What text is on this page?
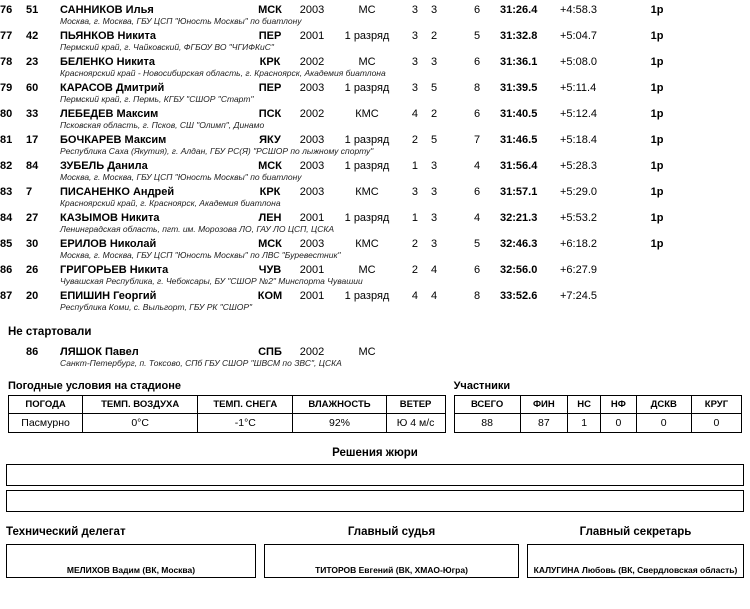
76	51	САННИКОВ Илья	МСК	2003	МС	3 3	6	31:26.4	+4:58.3	1р	
		Москва, г. Москва, ГБУ ЦСП "Юность Москвы" по биатлону									
77	42	ПЬЯНКОВ Никита	ПЕР	2001	1 разряд	3 2	5	31:32.8	+5:04.7	1р	
		Пермский край, г. Чайковский, ФГБОУ ВО "ЧГИФКиС"									
78	23	БЕЛЕНКО Никита	КРК	2002	МС	3 3	6	31:36.1	+5:08.0	1р	
		Красноярский край - Новосибирская область, г. Красноярск, Академия биатлона									
79	60	КАРАСОВ Дмитрий	ПЕР	2003	1 разряд	3 5	8	31:39.5	+5:11.4	1р	
		Пермский край, г. Пермь, КГБУ "СШОР "Старт"									
80	33	ЛЕБЕДЕВ Максим	ПСК	2002	КМС	4 2	6	31:40.5	+5:12.4	1р	
		Псковская область, г. Псков, СШ "Олимп", Динамо									
81	17	БОЧКАРЕВ Максим	ЯКУ	2003	1 разряд	2 5	7	31:46.5	+5:18.4	1р	
		Республика Саха (Якутия), г. Алдан, ГБУ РС(Я) "РСШОР по лыжному спорту"									
82	84	ЗУБЕЛЬ Данила	МСК	2003	1 разряд	1 3	4	31:56.4	+5:28.3	1р	
		Москва, г. Москва, ГБУ ЦСП "Юность Москвы" по биатлону									
83	7	ПИСАНЕНКО Андрей	КРК	2003	КМС	3 3	6	31:57.1	+5:29.0	1р	
		Красноярский край, г. Красноярск, Академия биатлона									
84	27	КАЗЫМОВ Никита	ЛЕН	2001	1 разряд	1 3	4	32:21.3	+5:53.2	1р	
		Ленинградская область, пгт. им. Морозова ЛО, ГАУ ЛО ЦСП, ЦСКА									
85	30	ЕРИЛОВ Николай	МСК	2003	КМС	2 3	5	32:46.3	+6:18.2	1р	
		Москва, г. Москва, ГБУ ЦСП "Юность Москвы" по ЛВС "Буревестник"									
86	26	ГРИГОРЬЕВ Никита	ЧУВ	2001	МС	2 4	6	32:56.0	+6:27.9		
		Чувашская Республика, г. Чебоксары, БУ "СШОР №2" Минспорта Чувашии									
87	20	ЕПИШИН Георгий	КОМ	2001	1 разряд	4 4	8	33:52.6	+7:24.5		
		Республика Коми, с. Выльгорт, ГБУ РК "СШОР"									
Не стартовали
	86	ЛЯШОК Павел	СПБ	2002	МС						
		Санкт-Петербург, п. Токсово, СПб ГБУ СШОР "ШВСМ по ЗВС", ЦСКА									
Погодные условия на стадионе
ПОГОДА	ТЕМП. ВОЗДУХА	ТЕМП. СНЕГА	ВЛАЖНОСТЬ	ВЕТЕР
Пасмурно	0°C	-1°C	92%	Ю 4 м/с
Участники
ВСЕГО	ФИН	НС	НФ	ДСКВ	КРУГ
88	87	1	0	0	0
Решения жюри
Технический делегат
МЕЛИХОВ Вадим (ВК, Москва)
Главный судья
ТИТОРОВ Евгений (ВК, ХМАО-Югра)
Главный секретарь
КАЛУГИНА Любовь (ВК, Свердловская область)
